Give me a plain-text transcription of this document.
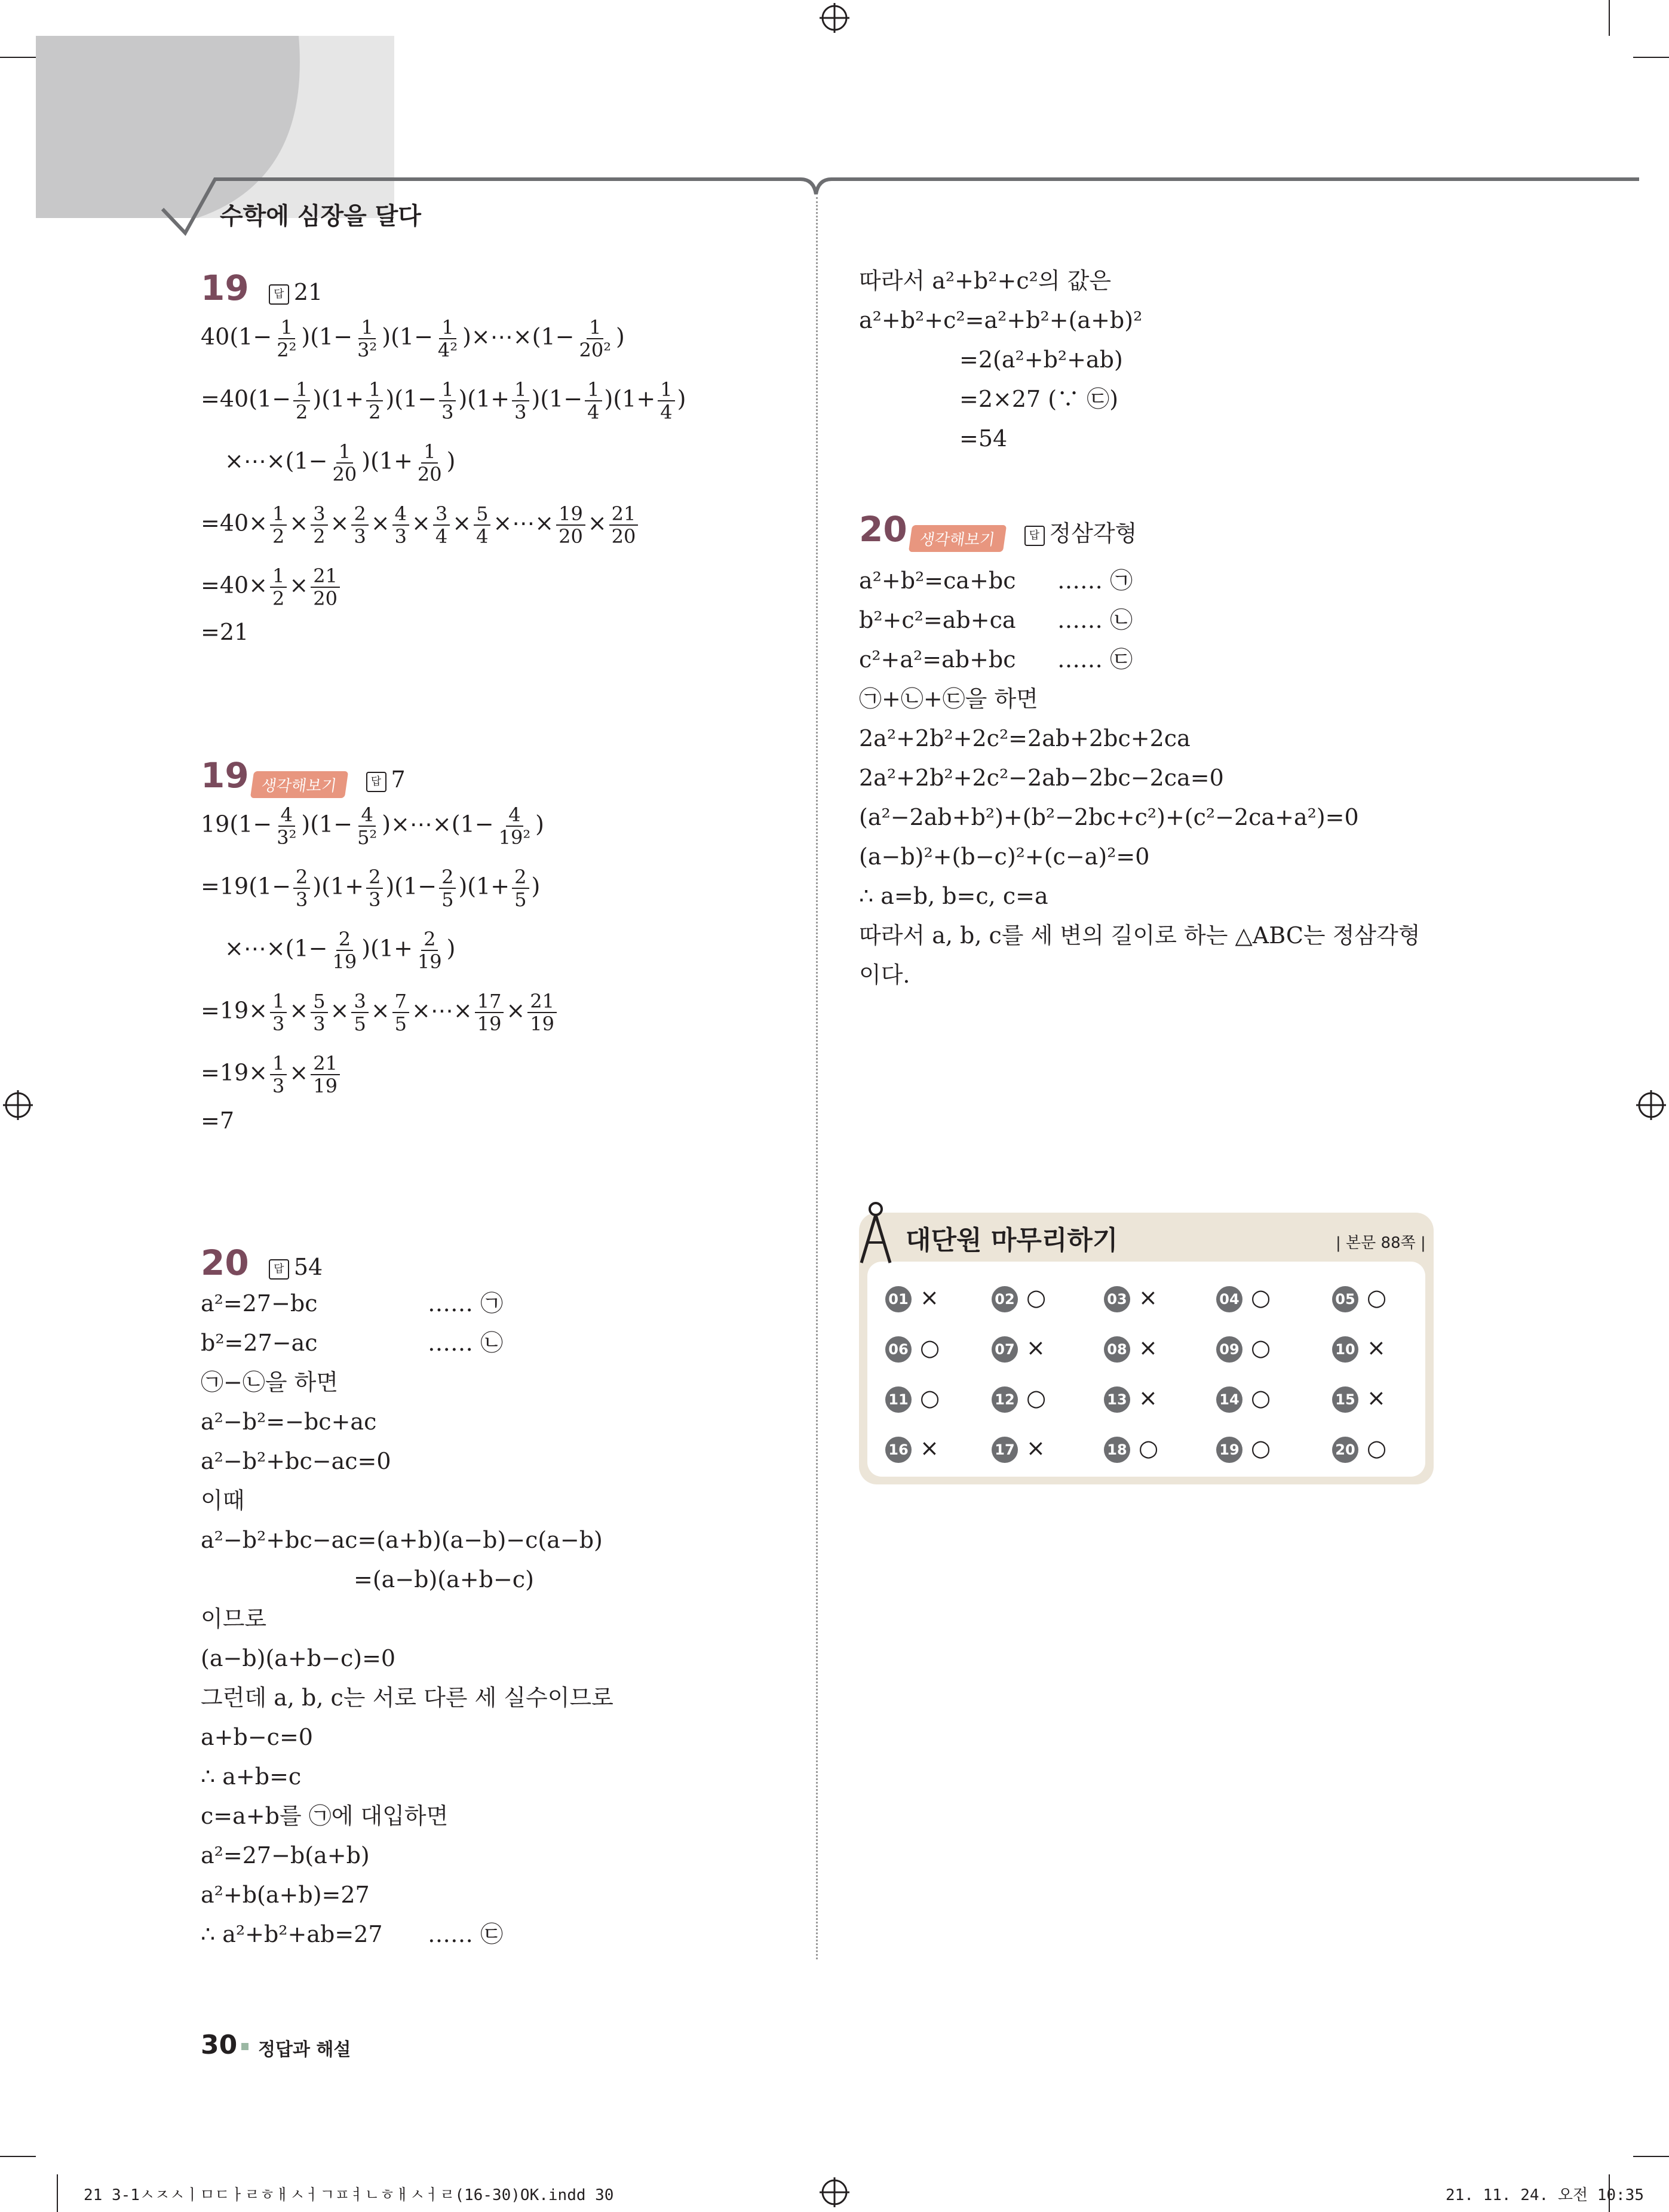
수학에 심장을 달다
19 답 21
$40(1- \frac{1}{\text{2²}} )(1- \frac{1}{\text{3²}} )(1- \frac{1}{\text{4²}}$ )×⋯×(1− $\frac{1}{\text{20²}}$ )
$=40(1- \frac{1}{2} )(1+ \frac{1}{2} )(1- \frac{1}{3} )(1+ \frac{1}{3} )(1- \frac{1}{4} )(1+ \frac{1}{4}$ )
×⋯×(1− $\frac{1}{20} )(1+ \frac{1}{20}$ )
$=40\times \frac{1}{2} \times \frac{3}{2} \times \frac{2}{3} \times \frac{4}{3} \times \frac{3}{4} \times \frac{5}{4}$ ×⋯× $\frac{19}{20} \times \frac{21}{20}$
$=40\times \frac{1}{2} \times \frac{21}{20}$
=21
19 생각해보기	답 7
$19(1- \frac{4}{\text{3²}} )(1- \frac{4}{\text{5²}}$ )×⋯×(1− $\frac{4}{\text{19²}}$ )
$=19(1- \frac{2}{3} )(1+ \frac{2}{3} )(1- \frac{2}{5} )(1+ \frac{2}{5}$ )
×⋯×(1− $\frac{2}{19} )(1+ \frac{2}{19}$ )
$=19\times \frac{1}{3} \times \frac{5}{3} \times \frac{3}{5} \times \frac{7}{5}$ ×⋯× $\frac{17}{19} \times \frac{21}{19}$
$=19\times \frac{1}{3} \times \frac{21}{19}$
=7
20 답 54
a²=27−bc	…… ㉠
b²=27−ac	…… ㉡
㉠−㉡을 하면
a²−b²=−bc+ac
a²−b²+bc−ac=0
이때
a²−b²+bc−ac=(a+b)(a−b)−c(a−b)
=(a−b)(a+b−c)
이므로
(a−b)(a+b−c)=0
그런데 a, b, c는 서로 다른 세 실수이므로
a+b−c=0
∴ a+b=c
c=a+b를 ㉠에 대입하면
a²=27−b(a+b)
a²+b(a+b)=27
∴ a²+b²+ab=27 …… ㉢
따라서 a²+b²+c²의 값은
a²+b²+c²=a²+b²+(a+b)²
=2(a²+b²+ab)
=2×27 (∵ ㉢)
=54
20 생각해보기	답 정삼각형
a²+b²=ca+bc …… ㉠
b²+c²=ab+ca …… ㉡
c²+a²=ab+bc …… ㉢
㉠+㉡+㉢을 하면
2a²+2b²+2c²=2ab+2bc+2ca
2a²+2b²+2c²−2ab−2bc−2ca=0
(a²−2ab+b²)+(b²−2bc+c²)+(c²−2ca+a²)=0
(a−b)²+(b−c)²+(c−a)²=0
∴ a=b, b=c, c=a
따라서 a, b, c를 세 변의 길이로 하는 △ABC는 정삼각형
이다.
대단원 마무리하기	| 본문 88쪽 |
01 ×	02 ○	03 ×	04 ○	05 ○
06 ○	07 ×	08 ×	09 ○	10 ×
11 ○	12 ○	13 ×	14 ○	15 ×
16 ×	17 ×	18 ○	19 ○	20 ○
30 정답과 해설
21 3-1ㅅㅈㅅㅣㅁㄷㅏㄹㅎㅐㅅㅓㄱㅍㅕㄴㅎㅐㅅㅓㄹ(16-30)OK.indd 30	21. 11. 24. 오전 10:35
